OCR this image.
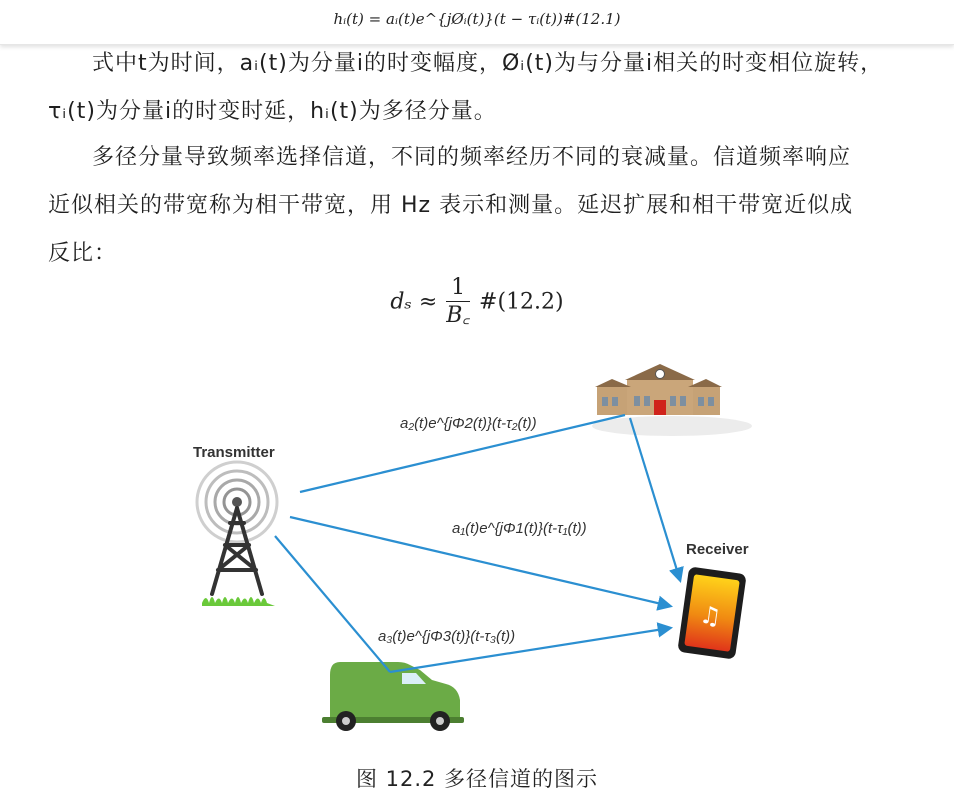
hᵢ(t) = aᵢ(t)e^{jØᵢ(t)}(t − τᵢ(t))#(12.1)
式中t为时间，aᵢ(t)为分量i的时变幅度，Øᵢ(t)为与分量i相关的时变相位旋转，
τᵢ(t)为分量i的时变时延，hᵢ(t)为多径分量。
多径分量导致频率选择信道，不同的频率经历不同的衰减量。信道频率响应
近似相关的带宽称为相干带宽，用 Hz 表示和测量。延迟扩展和相干带宽近似成
反比：
$d_s \approx \frac{1}{B꜀}$ #(12.2)
Transmitter
Receiver
♫
a₂(t)e^{jΦ2(t)}(t-τ₂(t))
a₁(t)e^{jΦ1(t)}(t-τ₁(t))
a₃(t)e^{jΦ3(t)}(t-τ₃(t))
图 12.2 多径信道的图示
